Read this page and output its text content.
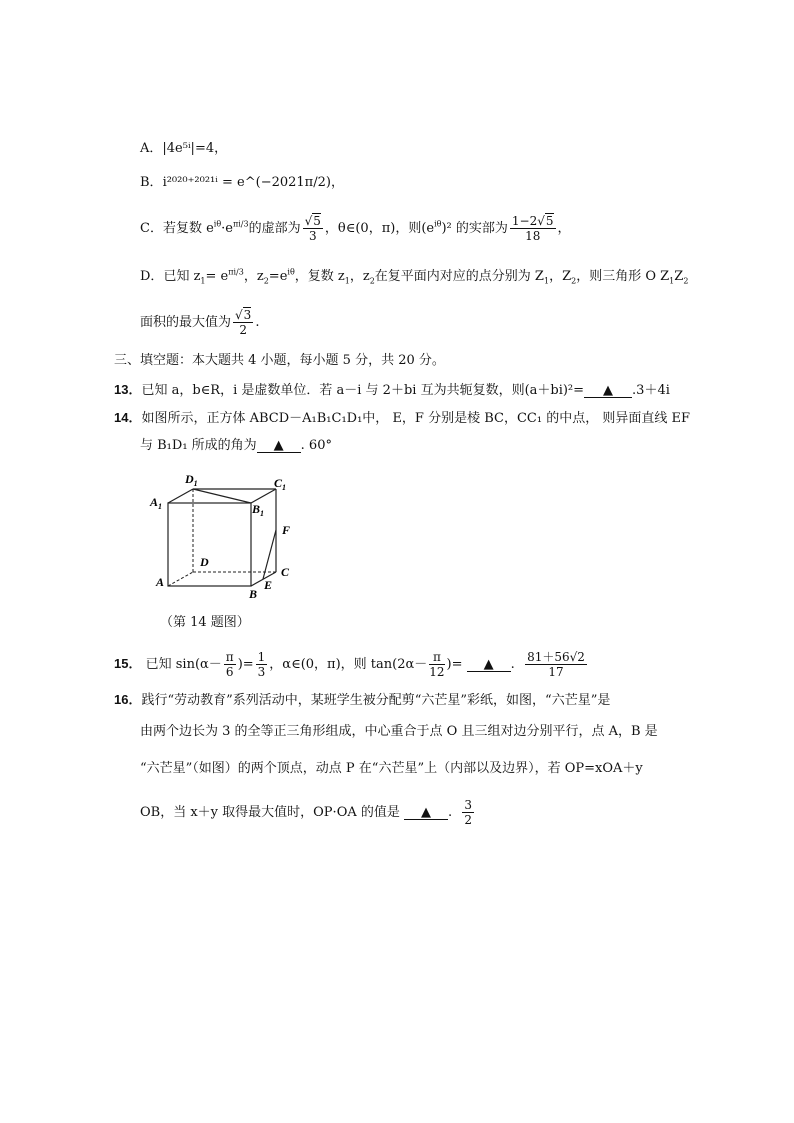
A．|4e⁵ⁱ|=4，
B．i²⁰²⁰⁺²⁰²¹ⁱ = e^(−2021π/2)，
C．若复数 $e^{i\theta}\cdot e^{\pi i/3}$的虚部为 $\frac{√5}{3}$ ，θ∈(0，π)，则$(e^{i\theta})^2$ 的实部为 $\frac{1-2√5}{18}$ ，
D．已知 $z_1= e^{\pi i/3}$，$z_2=e^{i\theta}$，复数 $z_1$，$z_2$在复平面内对应的点分别为 $Z_1$，$Z_2$，则三角形 O $Z_1Z_2$
面积的最大值为 $\frac{√3}{2}$ .
三、填空题：本大题共 4 小题，每小题 5 分，共 20 分。
13．已知 a，b∈R，i 是虚数单位．若 a－i 与 2＋bi 互为共轭复数，则(a＋bi)²= ▲ .3＋4i
14．如图所示，正方体 ABCD－A₁B₁C₁D₁中， E，F 分别是棱 BC，CC₁ 的中点， 则异面直线 EF
与 B₁D₁ 所成的角为 ▲ . 60°
$A_1$
$D_1$	$C_1$
$B_1$
D
A
B
C
E
F
（第 14 题图）
15． 已知 $\sin(\alpha- \frac{\pi}{6}$ )= $\frac{1}{3}$ ，α∈(0，π)，则 $\tan(2\alpha- \frac{\pi}{12}$ )= ▲ . $\frac{81+56√2}{17}$
16．践行“劳动教育”系列活动中，某班学生被分配剪“六芒星”彩纸，如图，“六芒星”是
由两个边长为 3 的全等正三角形组成，中心重合于点 O 且三组对边分别平行，点 A，B 是
“六芒星”（如图）的两个顶点，动点 P 在“六芒星”上（内部以及边界），若 OP=xOA＋y
OB，当 x＋y 取得最大值时，OP·OA 的值是 ▲ . $\frac{3}{2}$
